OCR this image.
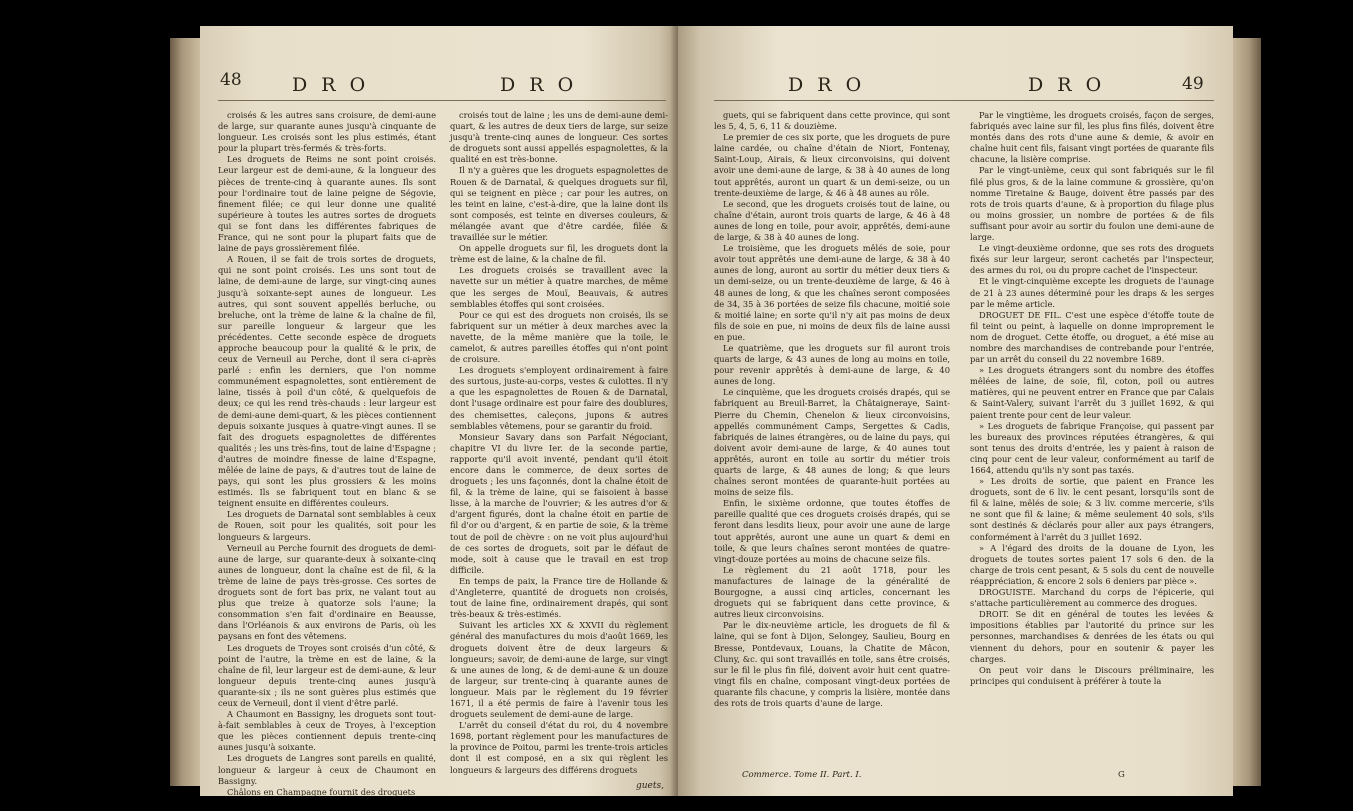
48	D R O	D R O

croisés & les autres sans croisure, de demi-aune de large, sur quarante aunes jusqu'à cinquante de longueur. Les croisés sont les plus estimés, étant pour la plupart très-fermés & très-forts.

Les droguets de Reims ne sont point croisés. Leur largeur est de demi-aune, & la longueur des pièces de trente-cinq à quarante aunes. Ils sont pour l'ordinaire tout de laine peigne de Ségovie, finement filée; ce qui leur donne une qualité supérieure à toutes les autres sortes de droguets qui se font dans les différentes fabriques de France, qui ne sont pour la plupart faits que de laine de pays grossièrement filée.

A Rouen, il se fait de trois sortes de droguets, qui ne sont point croisés. Les uns sont tout de laine, de demi-aune de large, sur vingt-cinq aunes jusqu'à soixante-sept aunes de longueur. Les autres, qui sont souvent appellés berluche, ou breluche, ont la trème de laine & la chaîne de fil, sur pareille longueur & largeur que les précédentes. Cette seconde espèce de droguets approche beaucoup pour la qualité & le prix, de ceux de Verneuil au Perche, dont il sera ci-après parlé : enfin les derniers, que l'on nomme communément espagnolettes, sont entièrement de laine, tissés à poil d'un côté, & quelquefois de deux; ce qui les rend très-chauds : leur largeur est de demi-aune demi-quart, & les pièces contiennent depuis soixante jusques à quatre-vingt aunes. Il se fait des droguets espagnolettes de différentes qualités ; les uns très-fins, tout de laine d'Espagne ; d'autres de moindre finesse de laine d'Espagne, mêlée de laine de pays, & d'autres tout de laine de pays, qui sont les plus grossiers & les moins estimés. Ils se fabriquent tout en blanc & se teignent ensuite en différentes couleurs.

Les droguets de Darnatal sont semblables à ceux de Rouen, soit pour les qualités, soit pour les longueurs & largeurs.

Verneuil au Perche fournit des droguets de demi-aune de large, sur quarante-deux à soixante-cinq aunes de longueur, dont la chaîne est de fil, & la trème de laine de pays très-grosse. Ces sortes de droguets sont de fort bas prix, ne valant tout au plus que treize à quatorze sols l'aune; la consommation s'en fait d'ordinaire en Beausse, dans l'Orléanois & aux environs de Paris, où les paysans en font des vêtemens.

Les droguets de Troyes sont croisés d'un côté, & point de l'autre, la trème en est de laine, & la chaîne de fil, leur largeur est de demi-aune, & leur longueur depuis trente-cinq aunes jusqu'à quarante-six ; ils ne sont guères plus estimés que ceux de Verneuil, dont il vient d'être parlé.

A Chaumont en Bassigny, les droguets sont tout-à-fait semblables à ceux de Troyes, à l'exception que les pièces contiennent depuis trente-cinq aunes jusqu'à soixante.

Les droguets de Langres sont pareils en qualité, longueur & largeur à ceux de Chaumont en Bassigny.

Châlons en Champagne fournit des droguets

croisés tout de laine ; les uns de demi-aune demi-quart, & les autres de deux tiers de large, sur seize jusqu'à trente-cinq aunes de longueur. Ces sortes de droguets sont aussi appellés espagnolettes, & la qualité en est très-bonne.

Il n'y a guères que les droguets espagnolettes de Rouen & de Darnatal, & quelques droguets sur fil, qui se teignent en pièce ; car pour les autres, on les teint en laine, c'est-à-dire, que la laine dont ils sont composés, est teinte en diverses couleurs, & mélangée avant que d'être cardée, filée & travaillée sur le métier.

On appelle droguets sur fil, les droguets dont la trème est de laine, & la chaîne de fil.

Les droguets croisés se travaillent avec la navette sur un métier à quatre marches, de même que les serges de Mouï, Beauvais, & autres semblables étoffes qui sont croisées.

Pour ce qui est des droguets non croisés, ils se fabriquent sur un métier à deux marches avec la navette, de la même manière que la toile, le camelot, & autres pareilles étoffes qui n'ont point de croisure.

Les droguets s'employent ordinairement à faire des surtous, juste-au-corps, vestes & culottes. Il n'y a que les espagnolettes de Rouen & de Darnatal, dont l'usage ordinaire est pour faire des doublures, des chemisettes, caleçons, jupons & autres semblables vêtemens, pour se garantir du froid.

Monsieur Savary dans son Parfait Négociant, chapitre VI du livre Ier. de la seconde partie, rapporte qu'il avoit inventé, pendant qu'il étoit encore dans le commerce, de deux sortes de droguets ; les uns façonnés, dont la chaîne étoit de fil, & la trème de laine, qui se faisoient à basse lisse, à la marche de l'ouvrier; & les autres d'or & d'argent figurés, dont la chaîne étoit en partie de fil d'or ou d'argent, & en partie de soie, & la trème tout de poil de chèvre : on ne voit plus aujourd'hui de ces sortes de droguets, soit par le défaut de mode, soit à cause que le travail en est trop difficile.

En temps de paix, la France tire de Hollande & d'Angleterre, quantité de droguets non croisés, tout de laine fine, ordinairement drapés, qui sont très-beaux & très-estimés.

Suivant les articles XX & XXVII du règlement général des manufactures du mois d'août 1669, les droguets doivent être de deux largeurs & longueurs; savoir, de demi-aune de large, sur vingt & une aunes de long, & de demi-aune & un douze de largeur, sur trente-cinq à quarante aunes de longueur. Mais par le règlement du 19 février 1671, il a été permis de faire à l'avenir tous les droguets seulement de demi-aune de large.

L'arrêt du conseil d'état du roi, du 4 novembre 1698, portant règlement pour les manufactures de la province de Poitou, parmi les trente-trois articles dont il est composé, en a six qui règlent les longueurs & largeurs des différens droguets

guets,
D R O	D R O	49

guets, qui se fabriquent dans cette province, qui sont les 5, 4, 5, 6, 11 & douzième.

Le premier de ces six porte, que les droguets de pure laine cardée, ou chaîne d'étain de Niort, Fontenay, Saint-Loup, Airais, & lieux circonvoisins, qui doivent avoir une demi-aune de large, & 38 à 40 aunes de long tout apprêtés, auront un quart & un demi-seize, ou un trente-deuxième de large, & 46 à 48 aunes au rôle.

Le second, que les droguets croisés tout de laine, ou chaîne d'étain, auront trois quarts de large, & 46 à 48 aunes de long en toile, pour avoir, apprêtés, demi-aune de large, & 38 à 40 aunes de long.

Le troisième, que les droguets mêlés de soie, pour avoir tout apprêtés une demi-aune de large, & 38 à 40 aunes de long, auront au sortir du métier deux tiers & un demi-seize, ou un trente-deuxième de large, & 46 à 48 aunes de long, & que les chaînes seront composées de 34, 35 à 36 portées de seize fils chacune, moitié soie & moitié laine; en sorte qu'il n'y ait pas moins de deux fils de soie en pue, ni moins de deux fils de laine aussi en pue.

Le quatrième, que les droguets sur fil auront trois quarts de large, & 43 aunes de long au moins en toile, pour revenir apprêtés à demi-aune de large, & 40 aunes de long.

Le cinquième, que les droguets croisés drapés, qui se fabriquent au Breuil-Barret, la Châtaigneraye, Saint-Pierre du Chemin, Chenelon & lieux circonvoisins, appellés communément Camps, Sergettes & Cadis, fabriqués de laines étrangères, ou de laine du pays, qui doivent avoir demi-aune de large, & 40 aunes tout apprêtés, auront en toile au sortir du métier trois quarts de large, & 48 aunes de long; & que leurs chaînes seront montées de quarante-huit portées au moins de seize fils.

Enfin, le sixième ordonne, que toutes étoffes de pareille qualité que ces droguets croisés drapés, qui se feront dans lesdits lieux, pour avoir une aune de large tout apprêtés, auront une aune un quart & demi en toile, & que leurs chaînes seront montées de quatre-vingt-douze portées au moins de chacune seize fils.

Le règlement du 21 août 1718, pour les manufactures de lainage de la généralité de Bourgogne, a aussi cinq articles, concernant les droguets qui se fabriquent dans cette province, & autres lieux circonvoisins.

Par le dix-neuvième article, les droguets de fil & laine, qui se font à Dijon, Selongey, Saulieu, Bourg en Bresse, Pontdevaux, Louans, la Chatite de Mâcon, Cluny, &c. qui sont travaillés en toile, sans être croisés, sur le fil le plus fin filé, doivent avoir huit cent quatre-vingt fils en chaîne, composant vingt-deux portées de quarante fils chacune, y compris la lisière, montée dans des rots de trois quarts d'aune de large.

Par le vingtième, les droguets croisés, façon de serges, fabriqués avec laine sur fil, les plus fins filés, doivent être montés dans des rots d'une aune & demie, & avoir en chaîne huit cent fils, faisant vingt portées de quarante fils chacune, la lisière comprise.

Par le vingt-unième, ceux qui sont fabriqués sur le fil filé plus gros, & de la laine commune & grossière, qu'on nomme Tiretaine & Bauge, doivent être passés par des rots de trois quarts d'aune, & à proportion du filage plus ou moins grossier, un nombre de portées & de fils suffisant pour avoir au sortir du foulon une demi-aune de large.

Le vingt-deuxième ordonne, que ses rots des droguets fixés sur leur largeur, seront cachetés par l'inspecteur, des armes du roi, ou du propre cachet de l'inspecteur.

Et le vingt-cinquième excepte les droguets de l'aunage de 21 à 23 aunes déterminé pour les draps & les serges par le même article.

DROGUET DE FIL. C'est une espèce d'étoffe toute de fil teint ou peint, à laquelle on donne improprement le nom de droguet. Cette étoffe, ou droguet, a été mise au nombre des marchandises de contrebande pour l'entrée, par un arrêt du conseil du 22 novembre 1689.

» Les droguets étrangers sont du nombre des étoffes mêlées de laine, de soie, fil, coton, poil ou autres matières, qui ne peuvent entrer en France que par Calais & Saint-Valery, suivant l'arrêt du 3 juillet 1692, & qui paient trente pour cent de leur valeur.

» Les droguets de fabrique Françoise, qui passent par les bureaux des provinces réputées étrangères, & qui sont tenus des droits d'entrée, les y paient à raison de cinq pour cent de leur valeur, conformément au tarif de 1664, attendu qu'ils n'y sont pas taxés.

» Les droits de sortie, que paient en France les droguets, sont de 6 liv. le cent pesant, lorsqu'ils sont de fil & laine, mêlés de soie; & 3 liv. comme mercerie, s'ils ne sont que fil & laine; & même seulement 40 sols, s'ils sont destinés & déclarés pour aller aux pays étrangers, conformément à l'arrêt du 3 juillet 1692.

» A l'égard des droits de la douane de Lyon, les droguets de toutes sortes paient 17 sols 6 den. de la charge de trois cent pesant, & 5 sols du cent de nouvelle réappréciation, & encore 2 sols 6 deniers par pièce ».

DROGUISTE. Marchand du corps de l'épicerie, qui s'attache particulièrement au commerce des drogues.

DROIT. Se dit en général de toutes les levées & impositions établies par l'autorité du prince sur les personnes, marchandises & denrées de les états ou qui viennent du dehors, pour en soutenir & payer les charges.

On peut voir dans le Discours préliminaire, les principes qui conduisent à préférer à toute la

Commerce. Tome II. Part. I.	G
